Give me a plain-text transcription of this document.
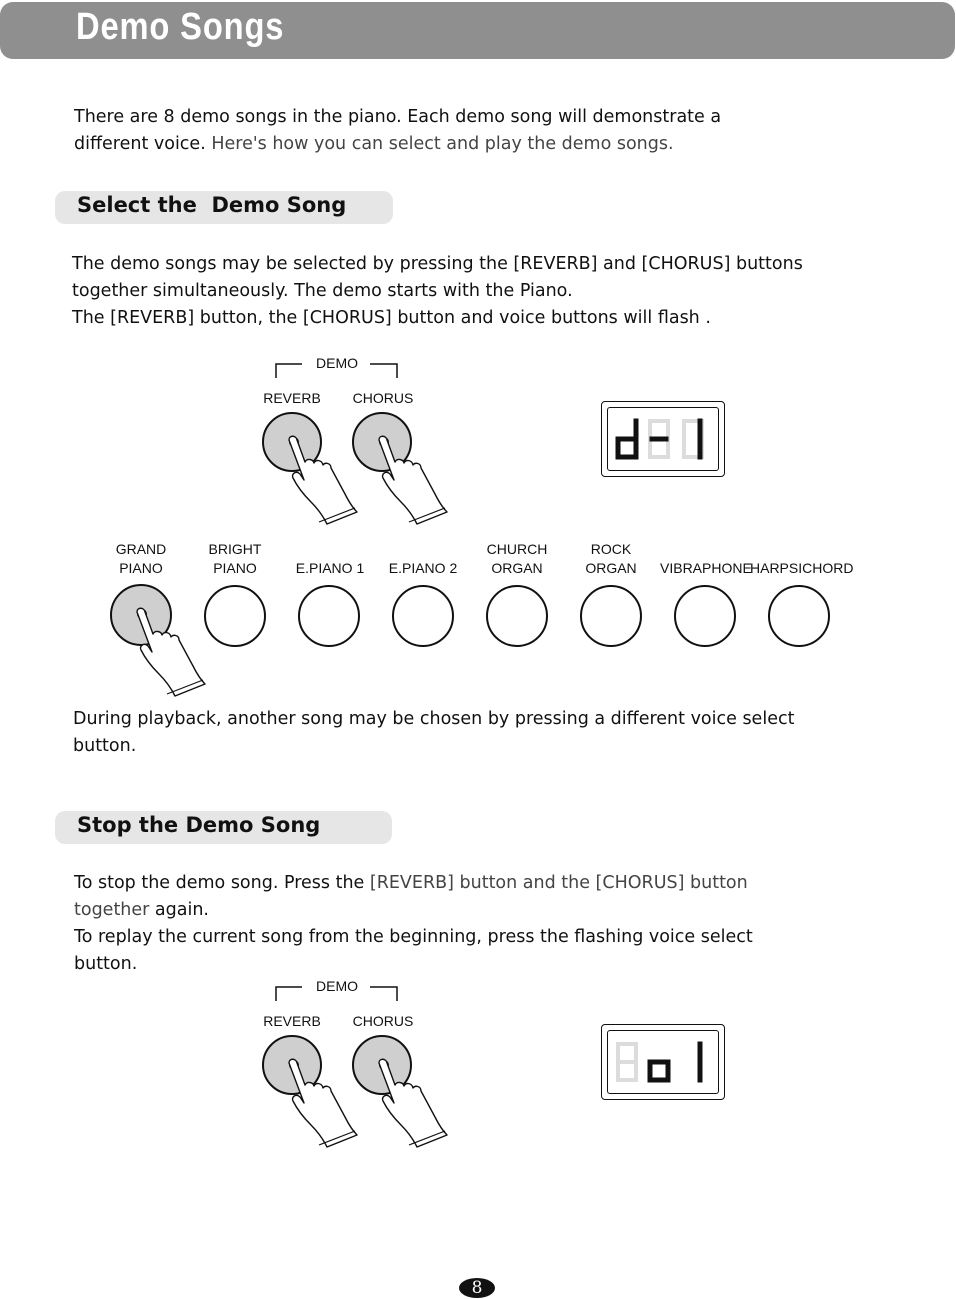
Demo Songs

There are 8 demo songs in the piano. Each demo song will demonstrate a
different voice. Here's how you can select and play the demo songs.

Select the  Demo Song

The demo songs may be selected by pressing the [REVERB] and [CHORUS] buttons
together simultaneously. The demo starts with the Piano.
The [REVERB] button, the [CHORUS] button and voice buttons will flash .

DEMO
REVERB CHORUS
GRAND
PIANO
BRIGHT
PIANO	E.PIANO 1	E.PIANO 2
CHURCH
ORGAN
ROCK
ORGAN	VIBRAPHONE

HARPSICHORD

During playback, another song may be chosen by pressing a different voice select
button.

Stop the Demo Song

To stop the demo song. Press the [REVERB] button and the [CHORUS] button
together again.
To replay the current song from the beginning, press the flashing voice select
button.

DEMO
REVERB CHORUS
8
